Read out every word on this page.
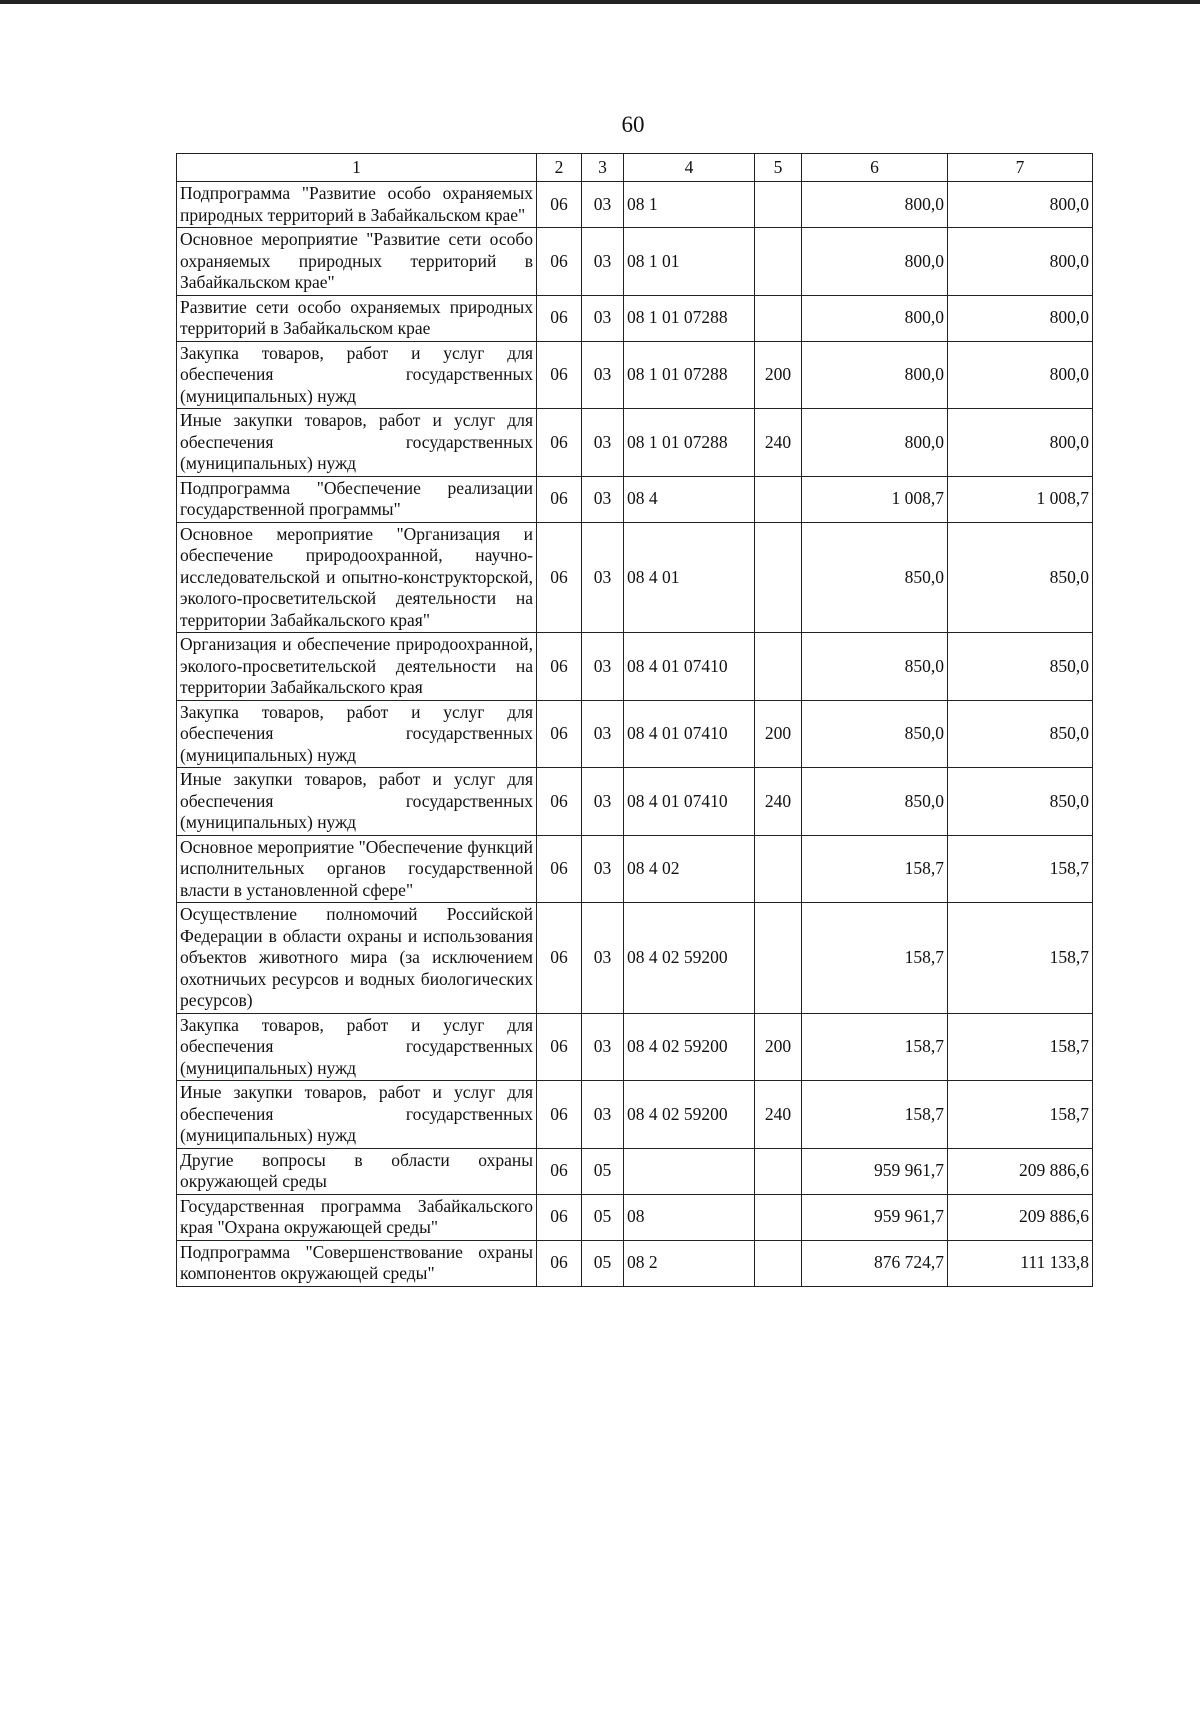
60
1	2	3	4	5	6	7
Подпрограмма "Развитие особо охраняемых природных территорий в Забайкальском крае"	06	03	08 1		800,0	800,0
Основное мероприятие "Развитие сети особо охраняемых природных территорий в Забайкальском крае"	06	03	08 1 01		800,0	800,0
Развитие сети особо охраняемых природных территорий в Забайкальском крае	06	03	08 1 01 07288		800,0	800,0
Закупка товаров, работ и услуг для обеспечения государственных (муниципальных) нужд	06	03	08 1 01 07288	200	800,0	800,0
Иные закупки товаров, работ и услуг для обеспечения государственных (муниципальных) нужд	06	03	08 1 01 07288	240	800,0	800,0
Подпрограмма "Обеспечение реализации государственной программы"	06	03	08 4		1 008,7	1 008,7
Основное мероприятие "Организация и обеспечение природоохранной, научно-исследовательской и опытно-конструкторской, эколого-просветительской деятельности на территории Забайкальского края"	06	03	08 4 01		850,0	850,0
Организация и обеспечение природоохранной, эколого-просветительской деятельности на территории Забайкальского края	06	03	08 4 01 07410		850,0	850,0
Закупка товаров, работ и услуг для обеспечения государственных (муниципальных) нужд	06	03	08 4 01 07410	200	850,0	850,0
Иные закупки товаров, работ и услуг для обеспечения государственных (муниципальных) нужд	06	03	08 4 01 07410	240	850,0	850,0
Основное мероприятие "Обеспечение функций исполнительных органов государственной власти в установленной сфере"	06	03	08 4 02		158,7	158,7
Осуществление полномочий Российской Федерации в области охраны и использования объектов животного мира (за исключением охотничьих ресурсов и водных биологических ресурсов)	06	03	08 4 02 59200		158,7	158,7
Закупка товаров, работ и услуг для обеспечения государственных (муниципальных) нужд	06	03	08 4 02 59200	200	158,7	158,7
Иные закупки товаров, работ и услуг для обеспечения государственных (муниципальных) нужд	06	03	08 4 02 59200	240	158,7	158,7
Другие вопросы в области охраны окружающей среды	06	05			959 961,7	209 886,6
Государственная программа Забайкальского края "Охрана окружающей среды"	06	05	08		959 961,7	209 886,6
Подпрограмма "Совершенствование охраны компонентов окружающей среды"	06	05	08 2		876 724,7	111 133,8
